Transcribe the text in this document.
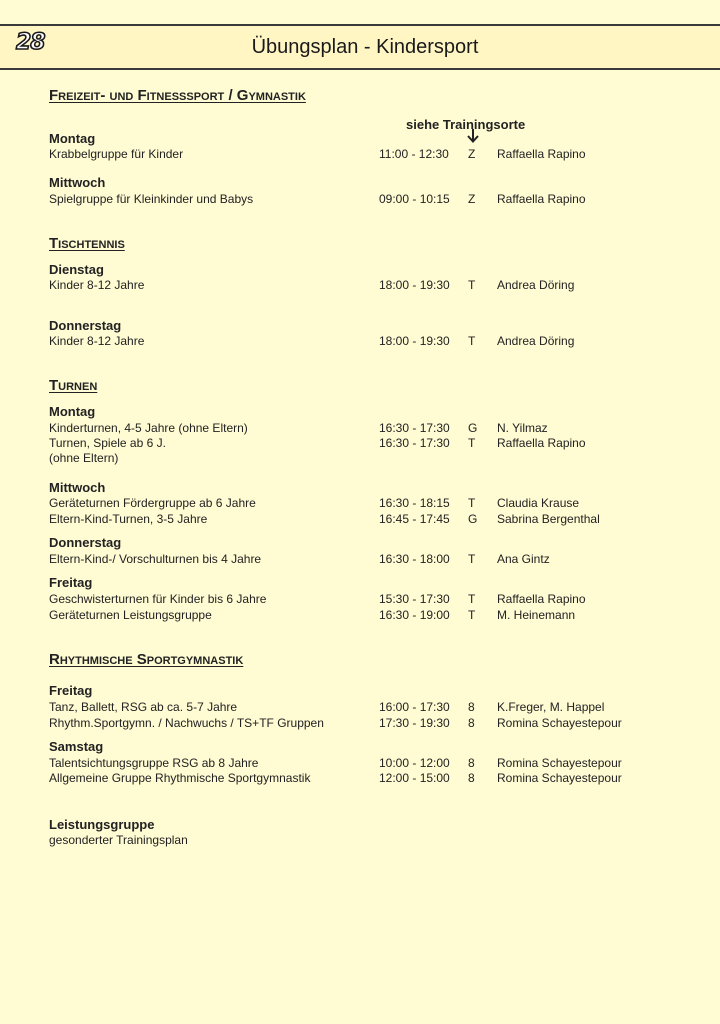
28	Übungsplan - Kindersport
siehe Trainingsorte
Freizeit- und Fitnesssport / Gymnastik
Montag
Krabbelgruppe für Kinder	11:00 - 12:30 Z Raffaella Rapino
Mittwoch
Spielgruppe für Kleinkinder und Babys	09:00 - 10:15 Z Raffaella Rapino
Tischtennis
Dienstag
Kinder 8-12 Jahre	18:00 - 19:30 T Andrea Döring
Donnerstag
Kinder 8-12 Jahre	18:00 - 19:30 T Andrea Döring
Turnen
Montag
Kinderturnen, 4-5 Jahre (ohne Eltern)	16:30 - 17:30 G N. Yilmaz
Turnen, Spiele ab 6 J.	16:30 - 17:30 T Raffaella Rapino
(ohne Eltern)
Mittwoch
Geräteturnen Fördergruppe ab 6 Jahre	16:30 - 18:15 T Claudia Krause
Eltern-Kind-Turnen, 3-5 Jahre	16:45 - 17:45 G Sabrina Bergenthal
Donnerstag
Eltern-Kind-/ Vorschulturnen bis 4 Jahre	16:30 - 18:00 T Ana Gintz
Freitag
Geschwisterturnen für Kinder bis 6 Jahre	15:30 - 17:30 T Raffaella Rapino
Geräteturnen Leistungsgruppe	16:30 - 19:00 T M. Heinemann
Rhythmische Sportgymnastik
Freitag
Tanz, Ballett, RSG ab ca. 5-7 Jahre	16:00 - 17:30 8 K.Freger, M. Happel
Rhythm.Sportgymn. / Nachwuchs / TS+TF Gruppen	17:30 - 19:30 8 Romina Schayestepour
Samstag
Talentsichtungsgruppe RSG ab 8 Jahre	10:00 - 12:00 8 Romina Schayestepour
Allgemeine Gruppe Rhythmische Sportgymnastik	12:00 - 15:00 8 Romina Schayestepour
Leistungsgruppe
gesonderter Trainingsplan
